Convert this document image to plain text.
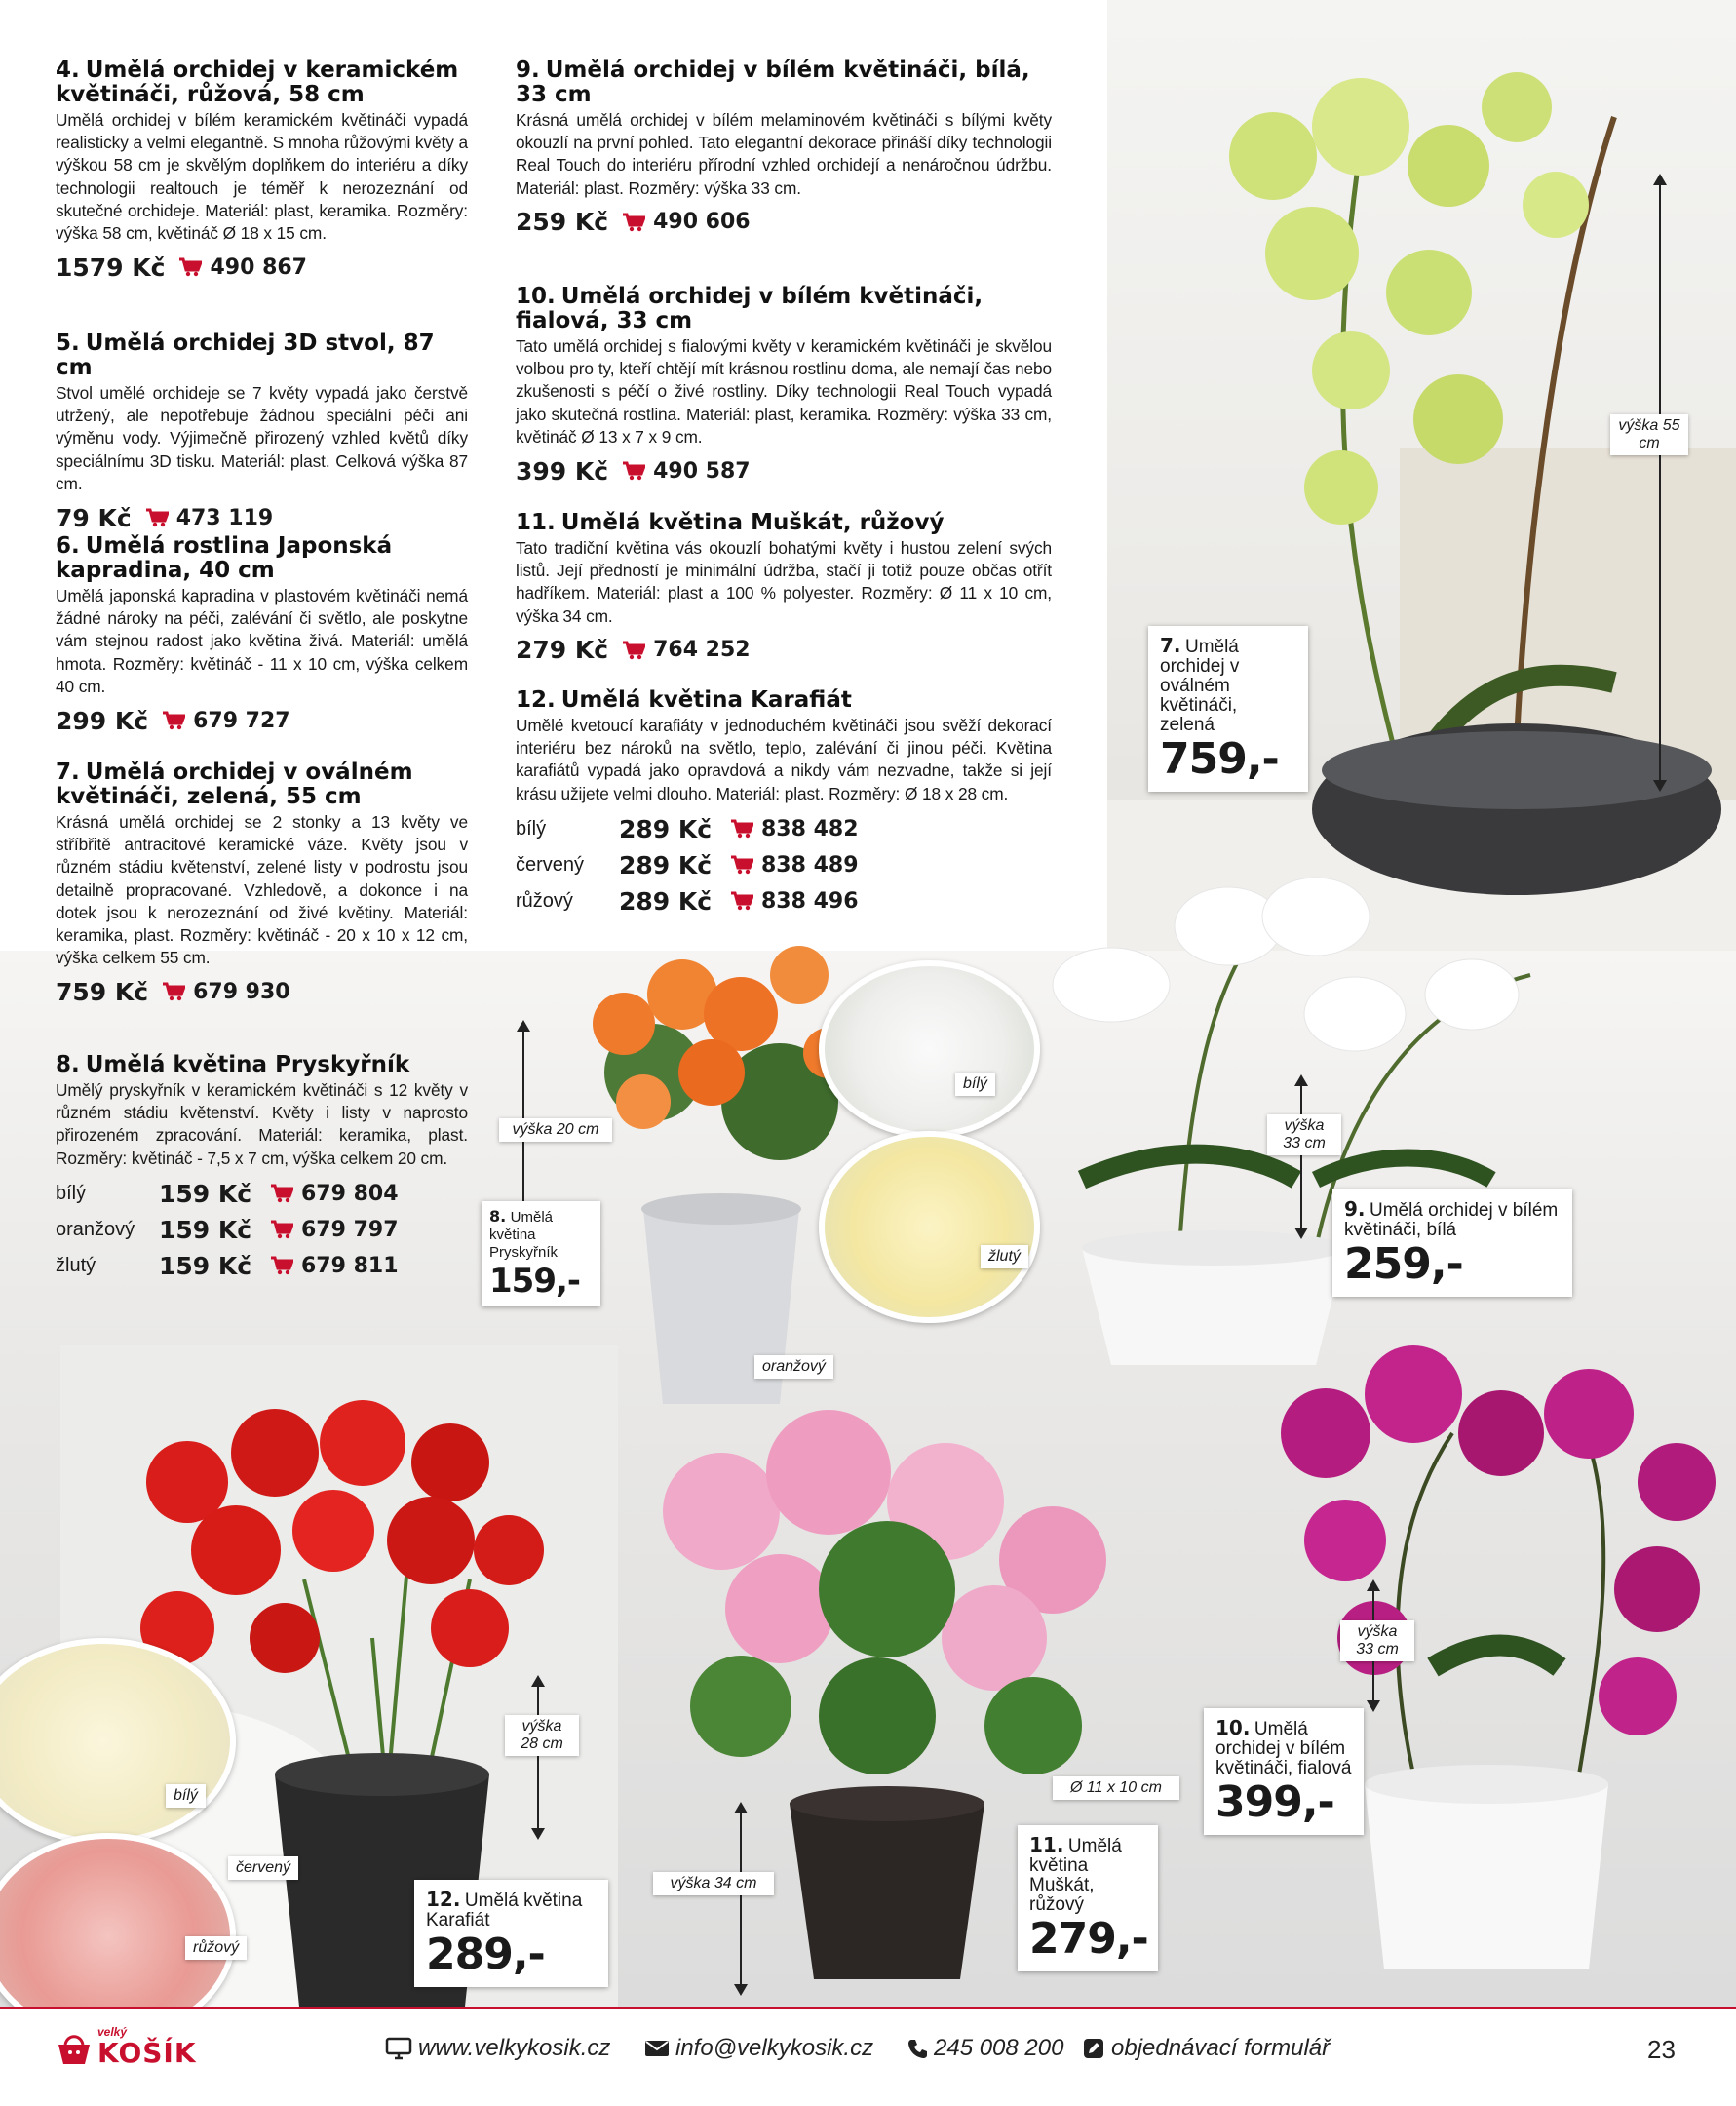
4. Umělá orchidej v keramickém květináči, růžová, 58 cm
Umělá orchidej v bílém keramickém květináči vypadá realisticky a velmi elegantně. S mnoha růžovými květy a výškou 58 cm je skvělým doplňkem do interiéru a díky technologii realtouch je téměř k nerozeznání od skutečné orchideje. Materiál: plast, keramika. Rozměry: výška 58 cm, květináč Ø 18 x 15 cm.
1579 Kč 490 867
5. Umělá orchidej 3D stvol, 87 cm
Stvol umělé orchideje se 7 květy vypadá jako čerstvě utržený, ale nepotřebuje žádnou speciální péči ani výměnu vody. Výjimečně přirozený vzhled květů díky speciálnímu 3D tisku. Materiál: plast. Celková výška 87 cm.
79 Kč 473 119
6. Umělá rostlina Japonská kapradina, 40 cm
Umělá japonská kapradina v plastovém květináči nemá žádné nároky na péči, zalévání či světlo, ale poskytne vám stejnou radost jako květina živá. Materiál: umělá hmota. Rozměry: květináč - 11 x 10 cm, výška celkem 40 cm.
299 Kč 679 727
7. Umělá orchidej v oválném květináči, zelená, 55 cm
Krásná umělá orchidej se 2 stonky a 13 květy ve stříbřitě antracitové keramické váze. Květy jsou v různém stádiu květenství, zelené listy v podrostu jsou detailně propracované. Vzhledově, a dokonce i na dotek jsou k nerozeznání od živé květiny. Materiál: keramika, plast. Rozměry: květináč - 20 x 10 x 12 cm, výška celkem 55 cm.
759 Kč 679 930
8. Umělá květina Pryskyřník
Umělý pryskyřník v keramickém květináči s 12 květy v různém stádiu květenství. Květy i listy v naprosto přirozeném zpracování. Materiál: keramika, plast. Rozměry: květináč - 7,5 x 7 cm, výška celkem 20 cm.
bílý	159 Kč	679 804
oranžový 159 Kč	679 797
žlutý	159 Kč	679 811
9. Umělá orchidej v bílém květináči, bílá, 33 cm
Krásná umělá orchidej v bílém melaminovém květináči s bílými květy okouzlí na první pohled. Tato elegantní dekorace přináší díky technologii Real Touch do interiéru přírodní vzhled orchidejí a nenáročnou údržbu. Materiál: plast. Rozměry: výška 33 cm.
259 Kč 490 606
10. Umělá orchidej v bílém květináči, fialová, 33 cm
Tato umělá orchidej s fialovými květy v keramickém květináči je skvělou volbou pro ty, kteří chtějí mít krásnou rostlinu doma, ale nemají čas nebo zkušenosti s péčí o živé rostliny. Díky technologii Real Touch vypadá jako skutečná rostlina. Materiál: plast, keramika. Rozměry: výška 33 cm, květináč Ø 13 x 7 x 9 cm.
399 Kč 490 587
11. Umělá květina Muškát, růžový
Tato tradiční květina vás okouzlí bohatými květy i hustou zelení svých listů. Její předností je minimální údržba, stačí ji totiž pouze občas otřít hadříkem. Materiál: plast a 100 % polyester. Rozměry: Ø 11 x 10 cm, výška 34 cm.
279 Kč 764 252
12. Umělá květina Karafiát
Umělé kvetoucí karafiáty v jednoduchém květináči jsou svěží dekorací interiéru bez nároků na světlo, teplo, zalévání či jinou péči. Květina karafiátů vypadá jako opravdová a nikdy vám nezvadne, takže si její krásu užijete velmi dlouho. Materiál: plast. Rozměry: Ø 18 x 28 cm.
bílý	289 Kč	838 482
červený	289 Kč	838 489
růžový	289 Kč	838 496
výška 55 cm
7. Umělá orchidej v oválném květináči, zelená
759,-
výška 20 cm
8. Umělá květina Pryskyřník
159,-
bílý
žlutý
oranžový
výška 33 cm
9. Umělá orchidej v bílém květináči, bílá
259,-
výška 33 cm
10. Umělá orchidej v bílém květináči, fialová
399,-
výška 34 cm
Ø 11 x 10 cm
11. Umělá květina Muškát, růžový
279,-
výška 28 cm
12. Umělá květina Karafiát
289,-
bílý
červený
růžový
velký
KOŠÍK	www.velkykosik.cz	info@velkykosik.cz	245 008 200 objednávací formulář	23
